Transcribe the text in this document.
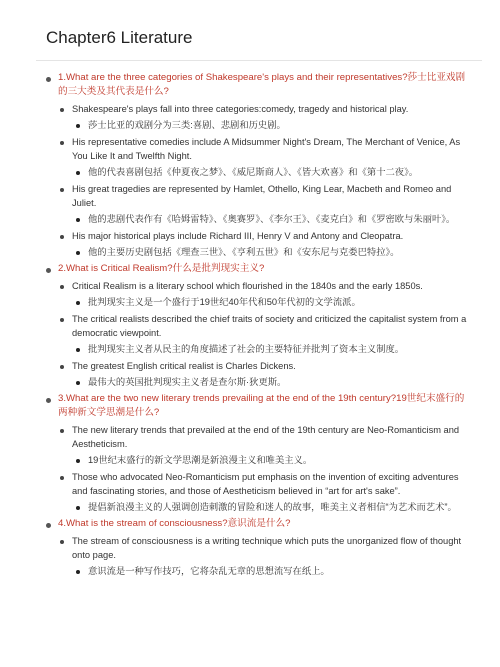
Chapter6 Literature
1.What are the three categories of Shakespeare's plays and their representatives?莎士比亚戏剧的三大类及其代表是什么?
Shakespeare's plays fall into three categories:comedy, tragedy and historical play.
莎士比亚的戏剧分为三类:喜剧、悲剧和历史剧。
His representative comedies include A Midsummer Night's Dream, The Merchant of Venice, As You Like It and Twelfth Night.
他的代表喜剧包括《仲夏夜之梦》、《威尼斯商人》、《皆大欢喜》和《第十二夜》。
His great tragedies are represented by Hamlet, Othello, King Lear, Macbeth and Romeo and Juliet.
他的悲剧代表作有《哈姆雷特》、《奥赛罗》、《李尔王》、《麦克白》和《罗密欧与朱丽叶》。
His major historical plays include Richard III, Henry V and Antony and Cleopatra.
他的主要历史剧包括《理查三世》、《亨利五世》和《安东尼与克娄巴特拉》。
2.What is Critical Realism?什么是批判现实主义?
Critical Realism is a literary school which flourished in the 1840s and the early 1850s.
批判现实主义是一个盛行于19世纪40年代和50年代初的文学流派。
The critical realists described the chief traits of society and criticized the capitalist system from a democratic viewpoint.
批判现实主义者从民主的角度描述了社会的主要特征并批判了资本主义制度。
The greatest English critical realist is Charles Dickens.
最伟大的英国批判现实主义者是查尔斯·狄更斯。
3.What are the two new literary trends prevailing at the end of the 19th century?19世纪末盛行的两种新文学思潮是什么?
The new literary trends that prevailed at the end of the 19th century are Neo-Romanticism and Aestheticism.
19世纪末盛行的新文学思潮是新浪漫主义和唯美主义。
Those who advocated Neo-Romanticism put emphasis on the invention of exciting adventures and fascinating stories, and those of Aestheticism believed in “art for art's sake”.
提倡新浪漫主义的人强调创造刺激的冒险和迷人的故事，唯美主义者相信“为艺术而艺术”。
4.What is the stream of consciousness?意识流是什么?
The stream of consciousness is a writing technique which puts the unorganized flow of thought onto page.
意识流是一种写作技巧，它将杂乱无章的思想流写在纸上。
